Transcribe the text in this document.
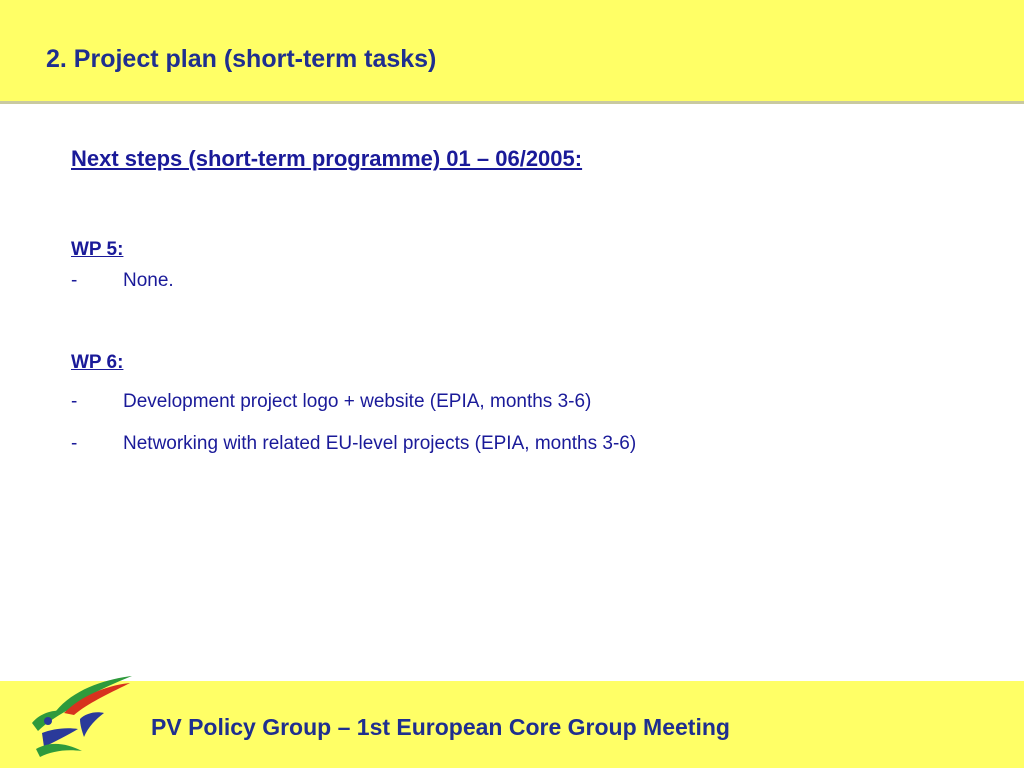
2. Project plan (short-term tasks)
Next steps (short-term programme) 01 – 06/2005:
WP 5:
- None.
WP 6:
- Development project logo + website (EPIA, months 3-6)
- Networking with related EU-level projects (EPIA, months 3-6)

PV Policy Group – 1st European Core Group Meeting
